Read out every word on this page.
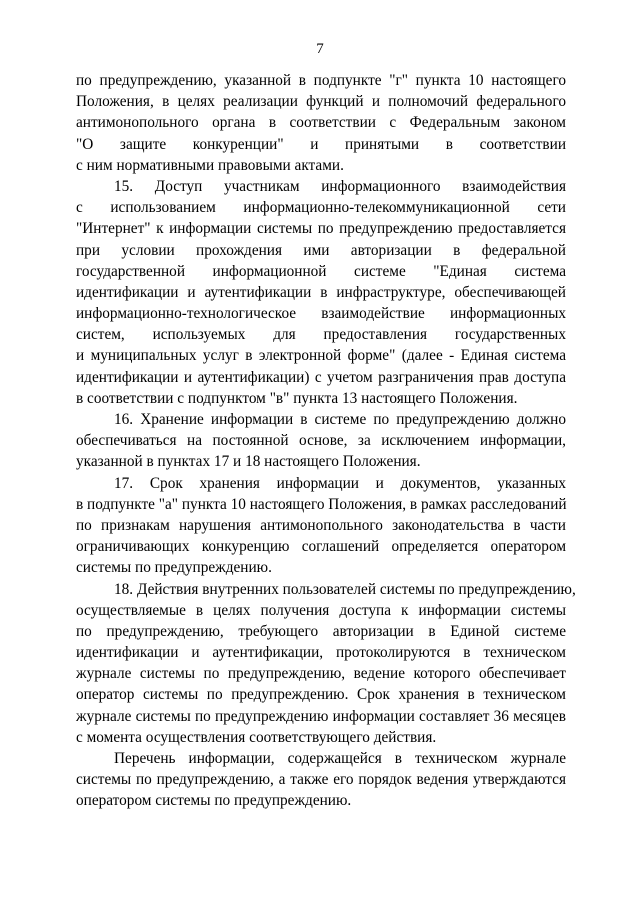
7
по предупреждению, указанной в подпункте "г" пункта 10 настоящего
Положения, в целях реализации функций и полномочий федерального
антимонопольного органа в соответствии с Федеральным законом
"О защите конкуренции" и принятыми в соответствии
с ним нормативными правовыми актами.
15. Доступ участникам информационного взаимодействия
с использованием информационно-телекоммуникационной сети
"Интернет" к информации системы по предупреждению предоставляется
при условии прохождения ими авторизации в федеральной
государственной информационной системе "Единая система
идентификации и аутентификации в инфраструктуре, обеспечивающей
информационно-технологическое взаимодействие информационных
систем, используемых для предоставления государственных
и муниципальных услуг в электронной форме" (далее - Единая система
идентификации и аутентификации) с учетом разграничения прав доступа
в соответствии с подпунктом "в" пункта 13 настоящего Положения.
16. Хранение информации в системе по предупреждению должно
обеспечиваться на постоянной основе, за исключением информации,
указанной в пунктах 17 и 18 настоящего Положения.
17. Срок хранения информации и документов, указанных
в подпункте "а" пункта 10 настоящего Положения, в рамках расследований
по признакам нарушения антимонопольного законодательства в части
ограничивающих конкуренцию соглашений определяется оператором
системы по предупреждению.
18. Действия внутренних пользователей системы по предупреждению,
осуществляемые в целях получения доступа к информации системы
по предупреждению, требующего авторизации в Единой системе
идентификации и аутентификации, протоколируются в техническом
журнале системы по предупреждению, ведение которого обеспечивает
оператор системы по предупреждению. Срок хранения в техническом
журнале системы по предупреждению информации составляет 36 месяцев
с момента осуществления соответствующего действия.
Перечень информации, содержащейся в техническом журнале
системы по предупреждению, а также его порядок ведения утверждаются
оператором системы по предупреждению.
